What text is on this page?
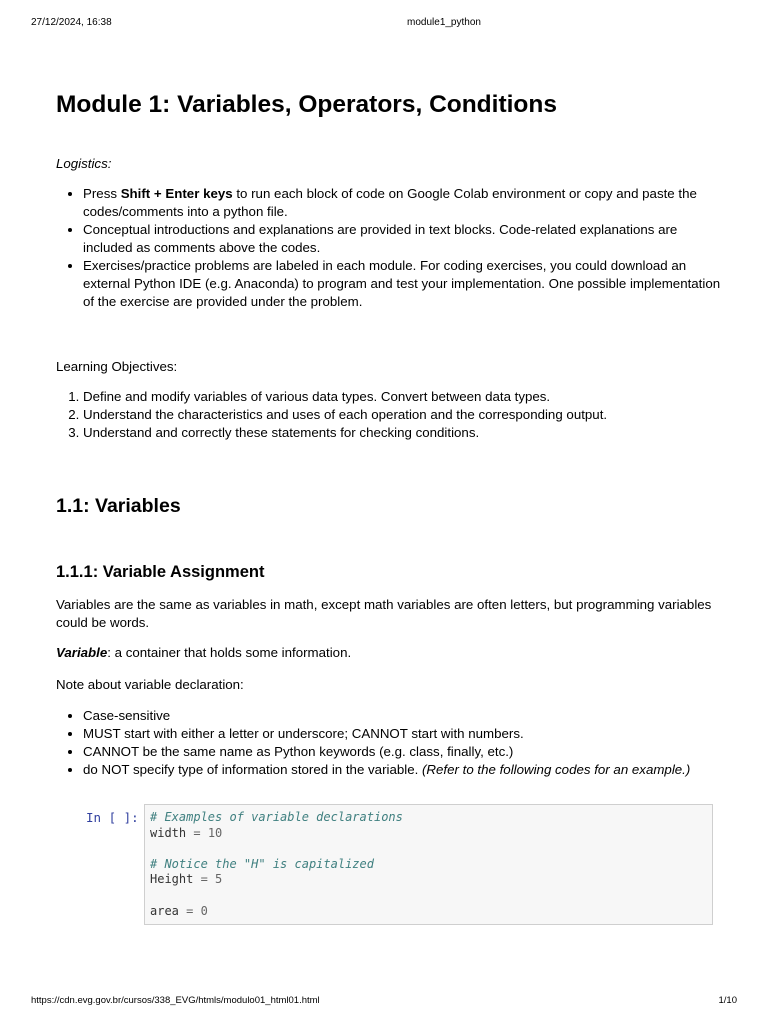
27/12/2024, 16:38	module1_python
Module 1: Variables, Operators, Conditions

Logistics:

• Press Shift + Enter keys to run each block of code on Google Colab environment or copy and paste the codes/comments into a python file.
• Conceptual introductions and explanations are provided in text blocks. Code-related explanations are included as comments above the codes.
• Exercises/practice problems are labeled in each module. For coding exercises, you could download an external Python IDE (e.g. Anaconda) to program and test your implementation. One possible implementation of the exercise are provided under the problem.

Learning Objectives:

1. Define and modify variables of various data types. Convert between data types.
2. Understand the characteristics and uses of each operation and the corresponding output.
3. Understand and correctly these statements for checking conditions.
1.1: Variables
1.1.1: Variable Assignment

Variables are the same as variables in math, except math variables are often letters, but programming variables could be words.

Variable: a container that holds some information.

Note about variable declaration:

• Case-sensitive
• MUST start with either a letter or underscore; CANNOT start with numbers.
• CANNOT be the same name as Python keywords (e.g. class, finally, etc.)
• do NOT specify type of information stored in the variable. (Refer to the following codes for an example.)
In [ ]: # Examples of variable declarations
width = 10
# Notice the "H" is capitalized
Height = 5
area = 0
https://cdn.evg.gov.br/cursos/338_EVG/htmls/modulo01_html01.html	1/10
